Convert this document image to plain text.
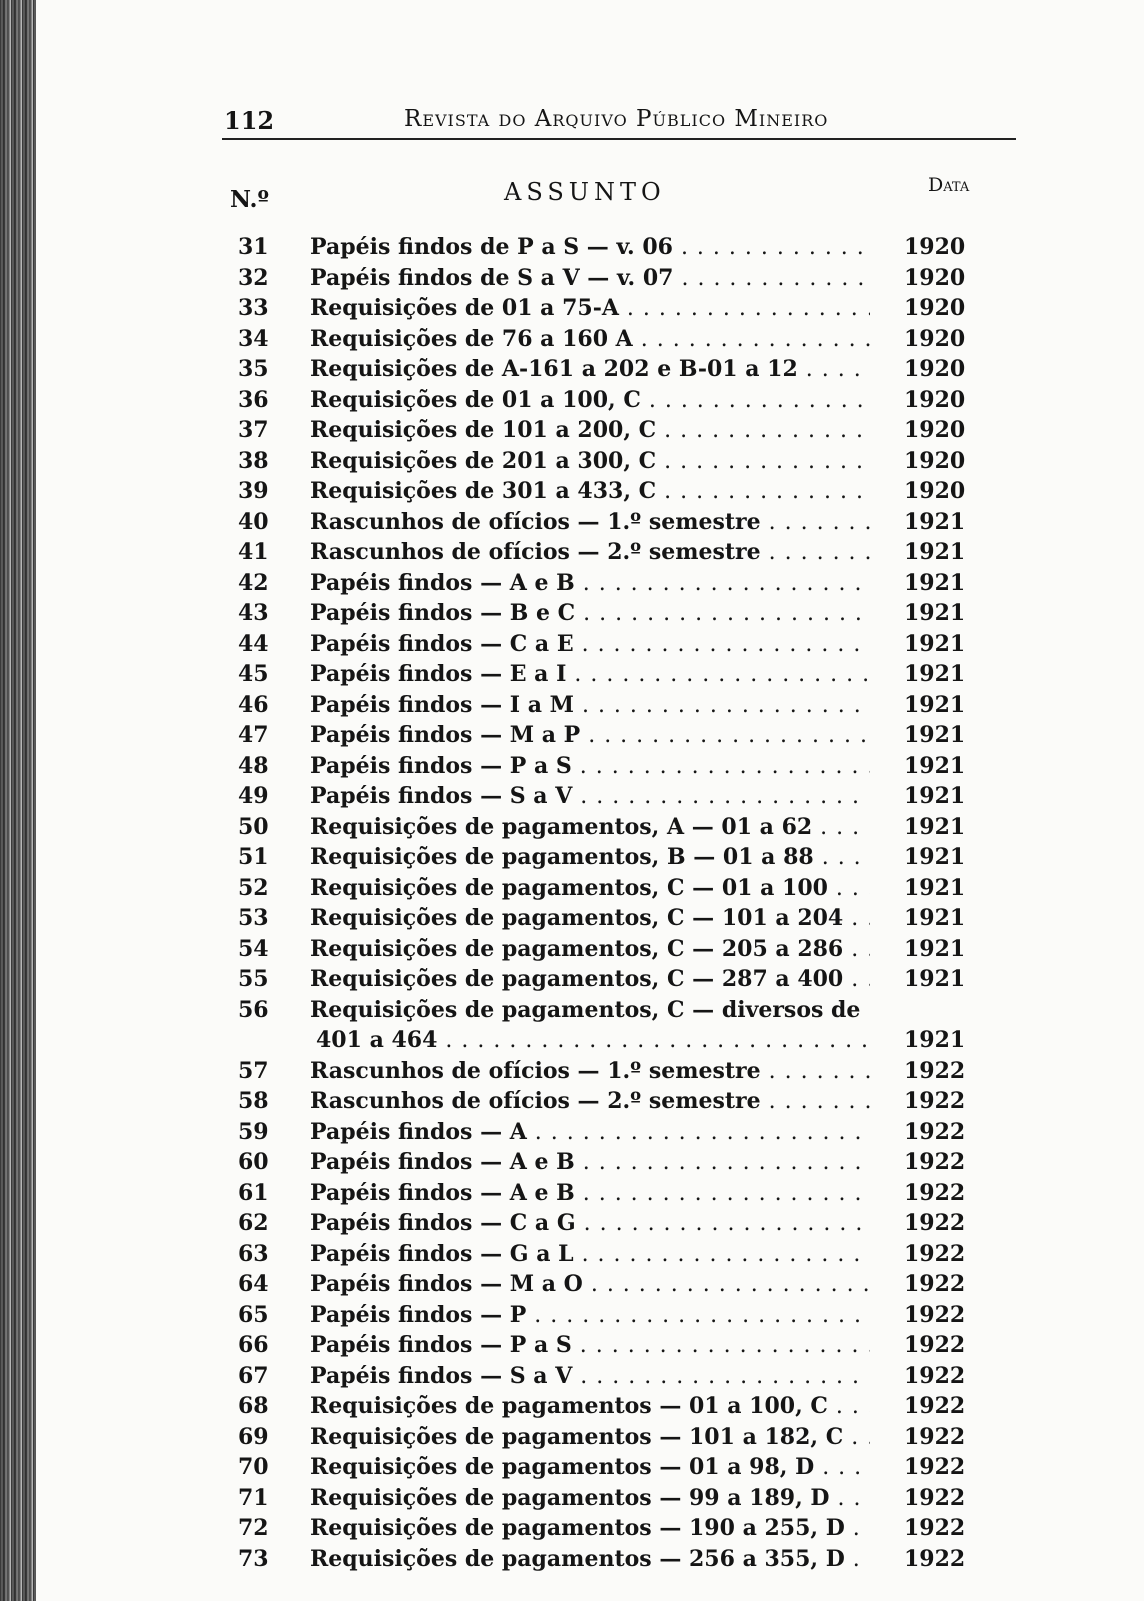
112	Revista do Arquivo Público Mineiro
N.º	ASSUNTO	Data
31	Papéis findos de P a S — v. 06 . . .	1920
32	Papéis findos de S a V — v. 07 . . .	1920
33	Requisições de 01 a 75-A . . .	1920
34	Requisições de 76 a 160 A . . .	1920
35	Requisições de A-161 a 202 e B-01 a 12 . . .	1920
36	Requisições de 01 a 100, C . . .	1920
37	Requisições de 101 a 200, C . . .	1920
38	Requisições de 201 a 300, C . . .	1920
39	Requisições de 301 a 433, C . . .	1920
40	Rascunhos de ofícios — 1.º semestre . . .	1921
41	Rascunhos de ofícios — 2.º semestre . . .	1921
42	Papéis findos — A e B . . .	1921
43	Papéis findos — B e C . . .	1921
44	Papéis findos — C a E . . .	1921
45	Papéis findos — E a I . . .	1921
46	Papéis findos — I a M . . .	1921
47	Papéis findos — M a P . . .	1921
48	Papéis findos — P a S . . .	1921
49	Papéis findos — S a V . . .	1921
50	Requisições de pagamentos, A — 01 a 62 . . .	1921
51	Requisições de pagamentos, B — 01 a 88 . . .	1921
52	Requisições de pagamentos, C — 01 a 100 . . .	1921
53	Requisições de pagamentos, C — 101 a 204 . . .	1921
54	Requisições de pagamentos, C — 205 a 286 . . .	1921
55	Requisições de pagamentos, C — 287 a 400 . . .	1921
56	Requisições de pagamentos, C — diversos de
401 a 464 . . .	1921
57	Rascunhos de ofícios — 1.º semestre . . .	1922
58	Rascunhos de ofícios — 2.º semestre . . .	1922
59	Papéis findos — A . . .	1922
60	Papéis findos — A e B . . .	1922
61	Papéis findos — A e B . . .	1922
62	Papéis findos — C a G . . .	1922
63	Papéis findos — G a L . . .	1922
64	Papéis findos — M a O . . .	1922
65	Papéis findos — P . . .	1922
66	Papéis findos — P a S . . .	1922
67	Papéis findos — S a V . . .	1922
68	Requisições de pagamentos — 01 a 100, C . . .	1922
69	Requisições de pagamentos — 101 a 182, C . . .	1922
70	Requisições de pagamentos — 01 a 98, D . . .	1922
71	Requisições de pagamentos — 99 a 189, D . . .	1922
72	Requisições de pagamentos — 190 a 255, D . . .	1922
73	Requisições de pagamentos — 256 a 355, D . . .	1922
